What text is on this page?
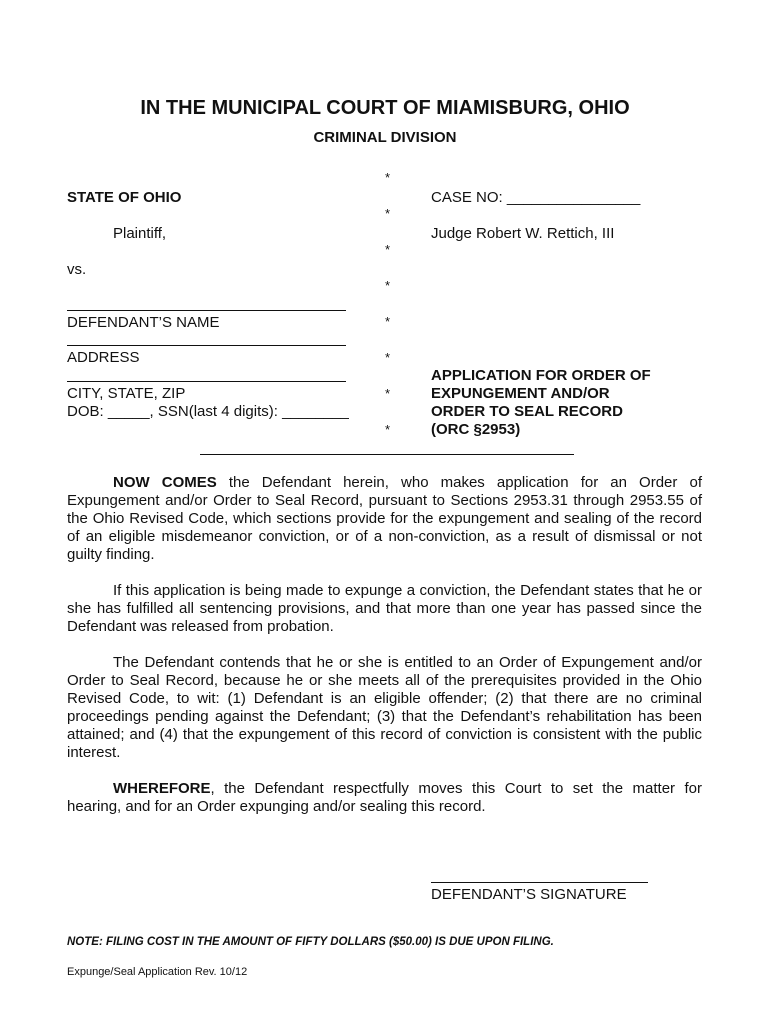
IN THE MUNICIPAL COURT OF MIAMISBURG, OHIO
CRIMINAL DIVISION
*
*
*
*
*
*
*
*
STATE OF OHIO
Plaintiff,
vs.
DEFENDANT’S NAME
ADDRESS
CITY, STATE, ZIP
DOB: _____, SSN(last 4 digits): ________
CASE NO: ________________
Judge Robert W. Rettich, III
APPLICATION FOR ORDER OF
EXPUNGEMENT AND/OR
ORDER TO SEAL RECORD
(ORC §2953)

NOW COMES the Defendant herein, who makes application for an Order of Expungement and/or Order to Seal Record, pursuant to Sections 2953.31 through 2953.55 of the Ohio Revised Code, which sections provide for the expungement and sealing of the record of an eligible misdemeanor conviction, or of a non-conviction, as a result of dismissal or not guilty finding.

If this application is being made to expunge a conviction, the Defendant states that he or she has fulfilled all sentencing provisions, and that more than one year has passed since the Defendant was released from probation.

The Defendant contends that he or she is entitled to an Order of Expungement and/or Order to Seal Record, because he or she meets all of the prerequisites provided in the Ohio Revised Code, to wit: (1) Defendant is an eligible offender; (2) that there are no criminal proceedings pending against the Defendant; (3) that the Defendant’s rehabilitation has been attained; and (4) that the expungement of this record of conviction is consistent with the public interest.

WHEREFORE, the Defendant respectfully moves this Court to set the matter for hearing, and for an Order expunging and/or sealing this record.

DEFENDANT’S SIGNATURE
NOTE: FILING COST IN THE AMOUNT OF FIFTY DOLLARS ($50.00) IS DUE UPON FILING.
Expunge/Seal Application Rev. 10/12
